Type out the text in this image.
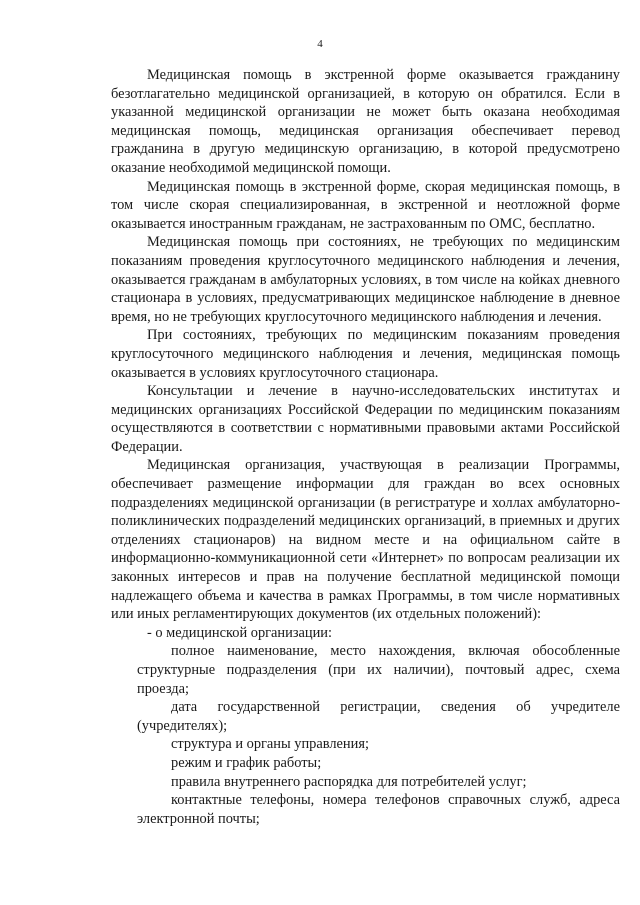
4

Медицинская помощь в экстренной форме оказывается гражданину безотлагательно медицинской организацией, в которую он обратился. Если в указанной медицинской организации не может быть оказана необходимая медицинская помощь, медицинская организация обеспечивает перевод гражданина в другую медицинскую организацию, в которой предусмотрено оказание необходимой медицинской помощи.

Медицинская помощь в экстренной форме, скорая медицинская помощь, в том числе скорая специализированная, в экстренной и неотложной форме оказывается иностранным гражданам, не застрахованным по ОМС, бесплатно.

Медицинская помощь при состояниях, не требующих по медицинским показаниям проведения круглосуточного медицинского наблюдения и лечения, оказывается гражданам в амбулаторных условиях, в том числе на койках дневного стационара в условиях, предусматривающих медицинское наблюдение в дневное время, но не требующих круглосуточного медицинского наблюдения и лечения.

При состояниях, требующих по медицинским показаниям проведения круглосуточного медицинского наблюдения и лечения, медицинская помощь оказывается в условиях круглосуточного стационара.

Консультации и лечение в научно-исследовательских институтах и медицинских организациях Российской Федерации по медицинским показаниям осуществляются в соответствии с нормативными правовыми актами Российской Федерации.

Медицинская организация, участвующая в реализации Программы, обеспечивает размещение информации для граждан во всех основных подразделениях медицинской организации (в регистратуре и холлах амбулаторно-поликлинических подразделений медицинских организаций, в приемных и других отделениях стационаров) на видном месте и на официальном сайте в информационно-коммуникационной сети «Интернет» по вопросам реализации их законных интересов и прав на получение бесплатной медицинской помощи надлежащего объема и качества в рамках Программы, в том числе нормативных или иных регламентирующих документов (их отдельных положений):

- о медицинской организации:
полное наименование, место нахождения, включая обособленные структурные подразделения (при их наличии), почтовый адрес, схема проезда;
дата государственной регистрации, сведения об учредителе (учредителях);
структура и органы управления;
режим и график работы;
правила внутреннего распорядка для потребителей услуг;
контактные телефоны, номера телефонов справочных служб, адреса электронной почты;
